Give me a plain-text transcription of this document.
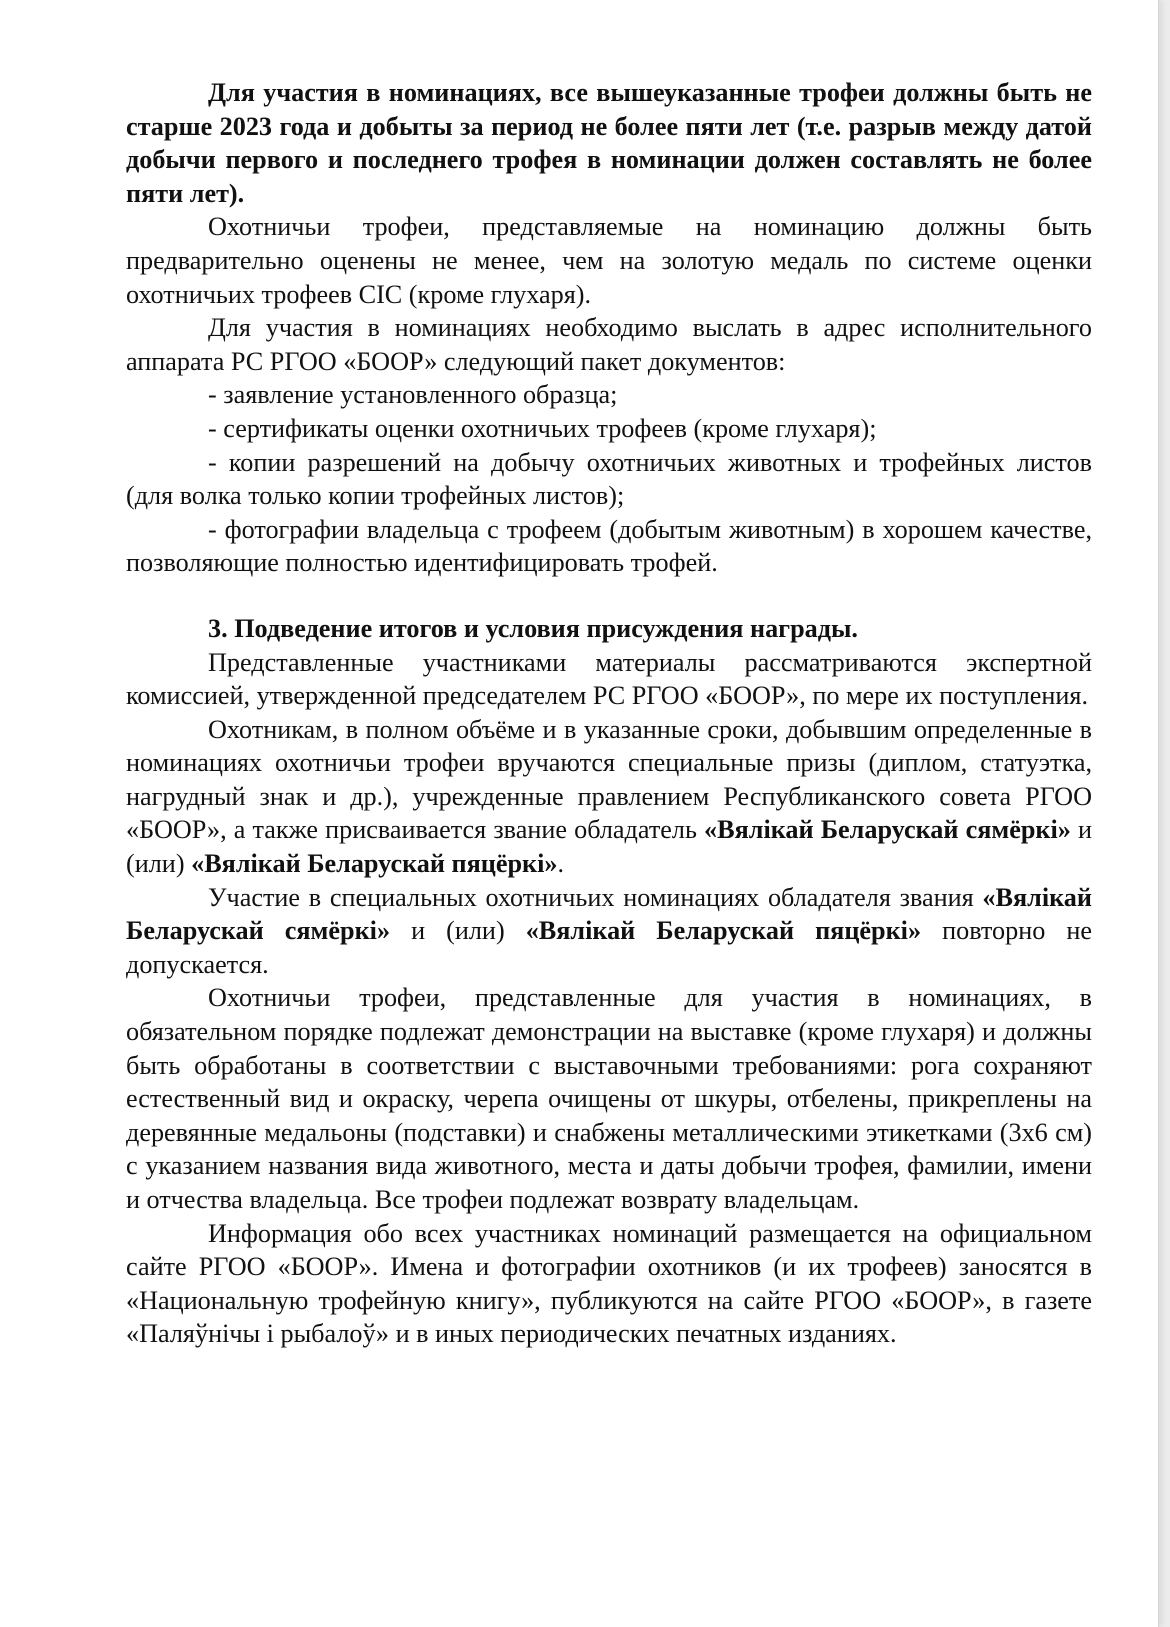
Для участия в номинациях, все вышеуказанные трофеи должны быть не старше 2023 года и добыты за период не более пяти лет (т.е. разрыв между датой добычи первого и последнего трофея в номинации должен составлять не более пяти лет).

Охотничьи трофеи, представляемые на номинацию должны быть предварительно оценены не менее, чем на золотую медаль по системе оценки охотничьих трофеев CIC (кроме глухаря).

Для участия в номинациях необходимо выслать в адрес исполнительного аппарата РС РГОО «БООР» следующий пакет документов:

- заявление установленного образца;

- сертификаты оценки охотничьих трофеев (кроме глухаря);

- копии разрешений на добычу охотничьих животных и трофейных листов (для волка только копии трофейных листов);

- фотографии владельца с трофеем (добытым животным) в хорошем качестве, позволяющие полностью идентифицировать трофей.

3. Подведение итогов и условия присуждения награды.

Представленные участниками материалы рассматриваются экспертной комиссией, утвержденной председателем РС РГОО «БООР», по мере их поступления.

Охотникам, в полном объёме и в указанные сроки, добывшим определенные в номинациях охотничьи трофеи вручаются специальные призы (диплом, статуэтка, нагрудный знак и др.), учрежденные правлением Республиканского совета РГОО «БООР», а также присваивается звание обладатель «Вялікай Беларускай сямёркі» и (или) «Вялікай Беларускай пяцёркі».

Участие в специальных охотничьих номинациях обладателя звания «Вялікай Беларускай сямёркі» и (или) «Вялікай Беларускай пяцёркі» повторно не допускается.

Охотничьи трофеи, представленные для участия в номинациях, в обязательном порядке подлежат демонстрации на выставке (кроме глухаря) и должны быть обработаны в соответствии с выставочными требованиями: рога сохраняют естественный вид и окраску, черепа очищены от шкуры, отбелены, прикреплены на деревянные медальоны (подставки) и снабжены металлическими этикетками (3х6 см) с указанием названия вида животного, места и даты добычи трофея, фамилии, имени и отчества владельца. Все трофеи подлежат возврату владельцам.

Информация обо всех участниках номинаций размещается на официальном сайте РГОО «БООР». Имена и фотографии охотников (и их трофеев) заносятся в «Национальную трофейную книгу», публикуются на сайте РГОО «БООР», в газете «Паляўнічы і рыбалоў» и в иных периодических печатных изданиях.
